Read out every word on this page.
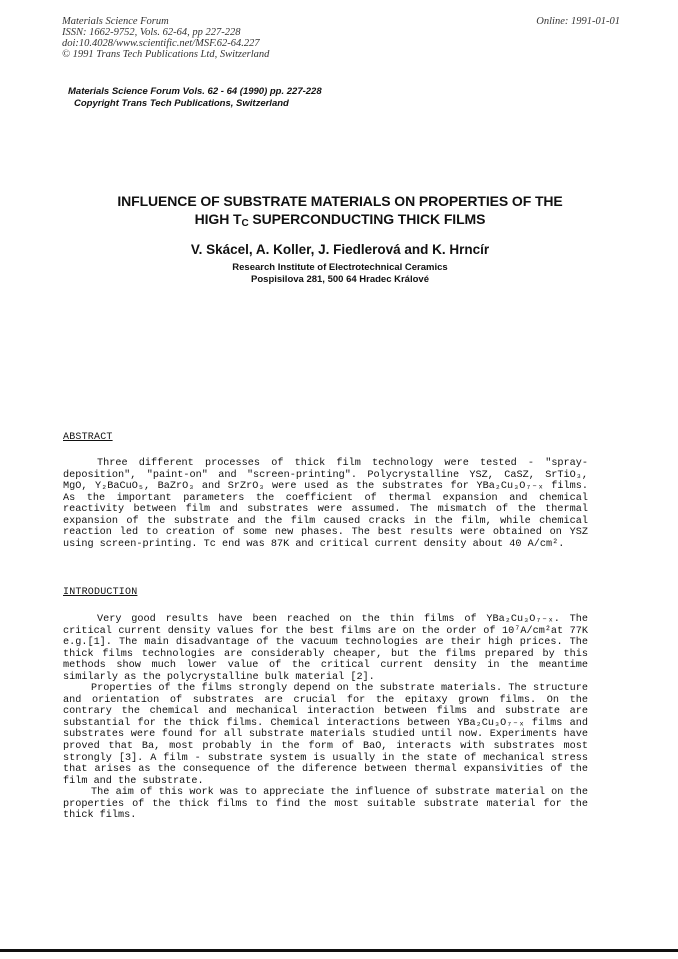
Materials Science Forum
ISSN: 1662-9752, Vols. 62-64, pp 227-228
doi:10.4028/www.scientific.net/MSF.62-64.227
© 1991 Trans Tech Publications Ltd, Switzerland
Online: 1991-01-01
Materials Science Forum Vols. 62 - 64 (1990) pp. 227-228
Copyright Trans Tech Publications, Switzerland
INFLUENCE OF SUBSTRATE MATERIALS ON PROPERTIES OF THE
HIGH $T_C$ SUPERCONDUCTING THICK FILMS
V. Skácel, A. Koller, J. Fiedlerová and K. Hrncír
Research Institute of Electrotechnical Ceramics
Pospisilova 281, 500 64 Hradec Králové
ABSTRACT

Three different processes of thick film technology were tested - "spray-deposition", "paint-on" and "screen-printing". Polycrystalline YSZ, CaSZ, SrTiO₃, MgO, Y₂BaCuO₅, BaZrO₃ and SrZrO₃ were used as the substrates for YBa₂Cu₃O₇₋ₓ films. As the important parameters the coefficient of thermal expansion and chemical reactivity between film and substrates were assumed. The mismatch of the thermal expansion of the substrate and the film caused cracks in the film, while chemical reaction led to creation of some new phases. The best results were obtained on YSZ using screen-printing. Tc end was 87K and critical current density about 40 A/cm².

INTRODUCTION

Very good results have been reached on the thin films of YBa₂Cu₃O₇₋ₓ. The critical current density values for the best films are on the order of 10⁷A/cm²at 77K e.g.[1]. The main disadvantage of the vacuum technologies are their high prices. The thick films technologies are considerably cheaper, but the films prepared by this methods show much lower value of the critical current density in the meantime similarly as the polycrystalline bulk material [2].

Properties of the films strongly depend on the substrate materials. The structure and orientation of substrates are crucial for the epitaxy grown films. On the contrary the chemical and mechanical interaction between films and substrate are substantial for the thick films. Chemical interactions between YBa₂Cu₃O₇₋ₓ films and substrates were found for all substrate materials studied until now. Experiments have proved that Ba, most probably in the form of BaO, interacts with substrates most strongly [3]. A film - substrate system is usually in the state of mechanical stress that arises as the consequence of the diference between thermal expansivities of the film and the substrate.

The aim of this work was to appreciate the influence of substrate material on the properties of the thick films to find the most suitable substrate material for the thick films.
